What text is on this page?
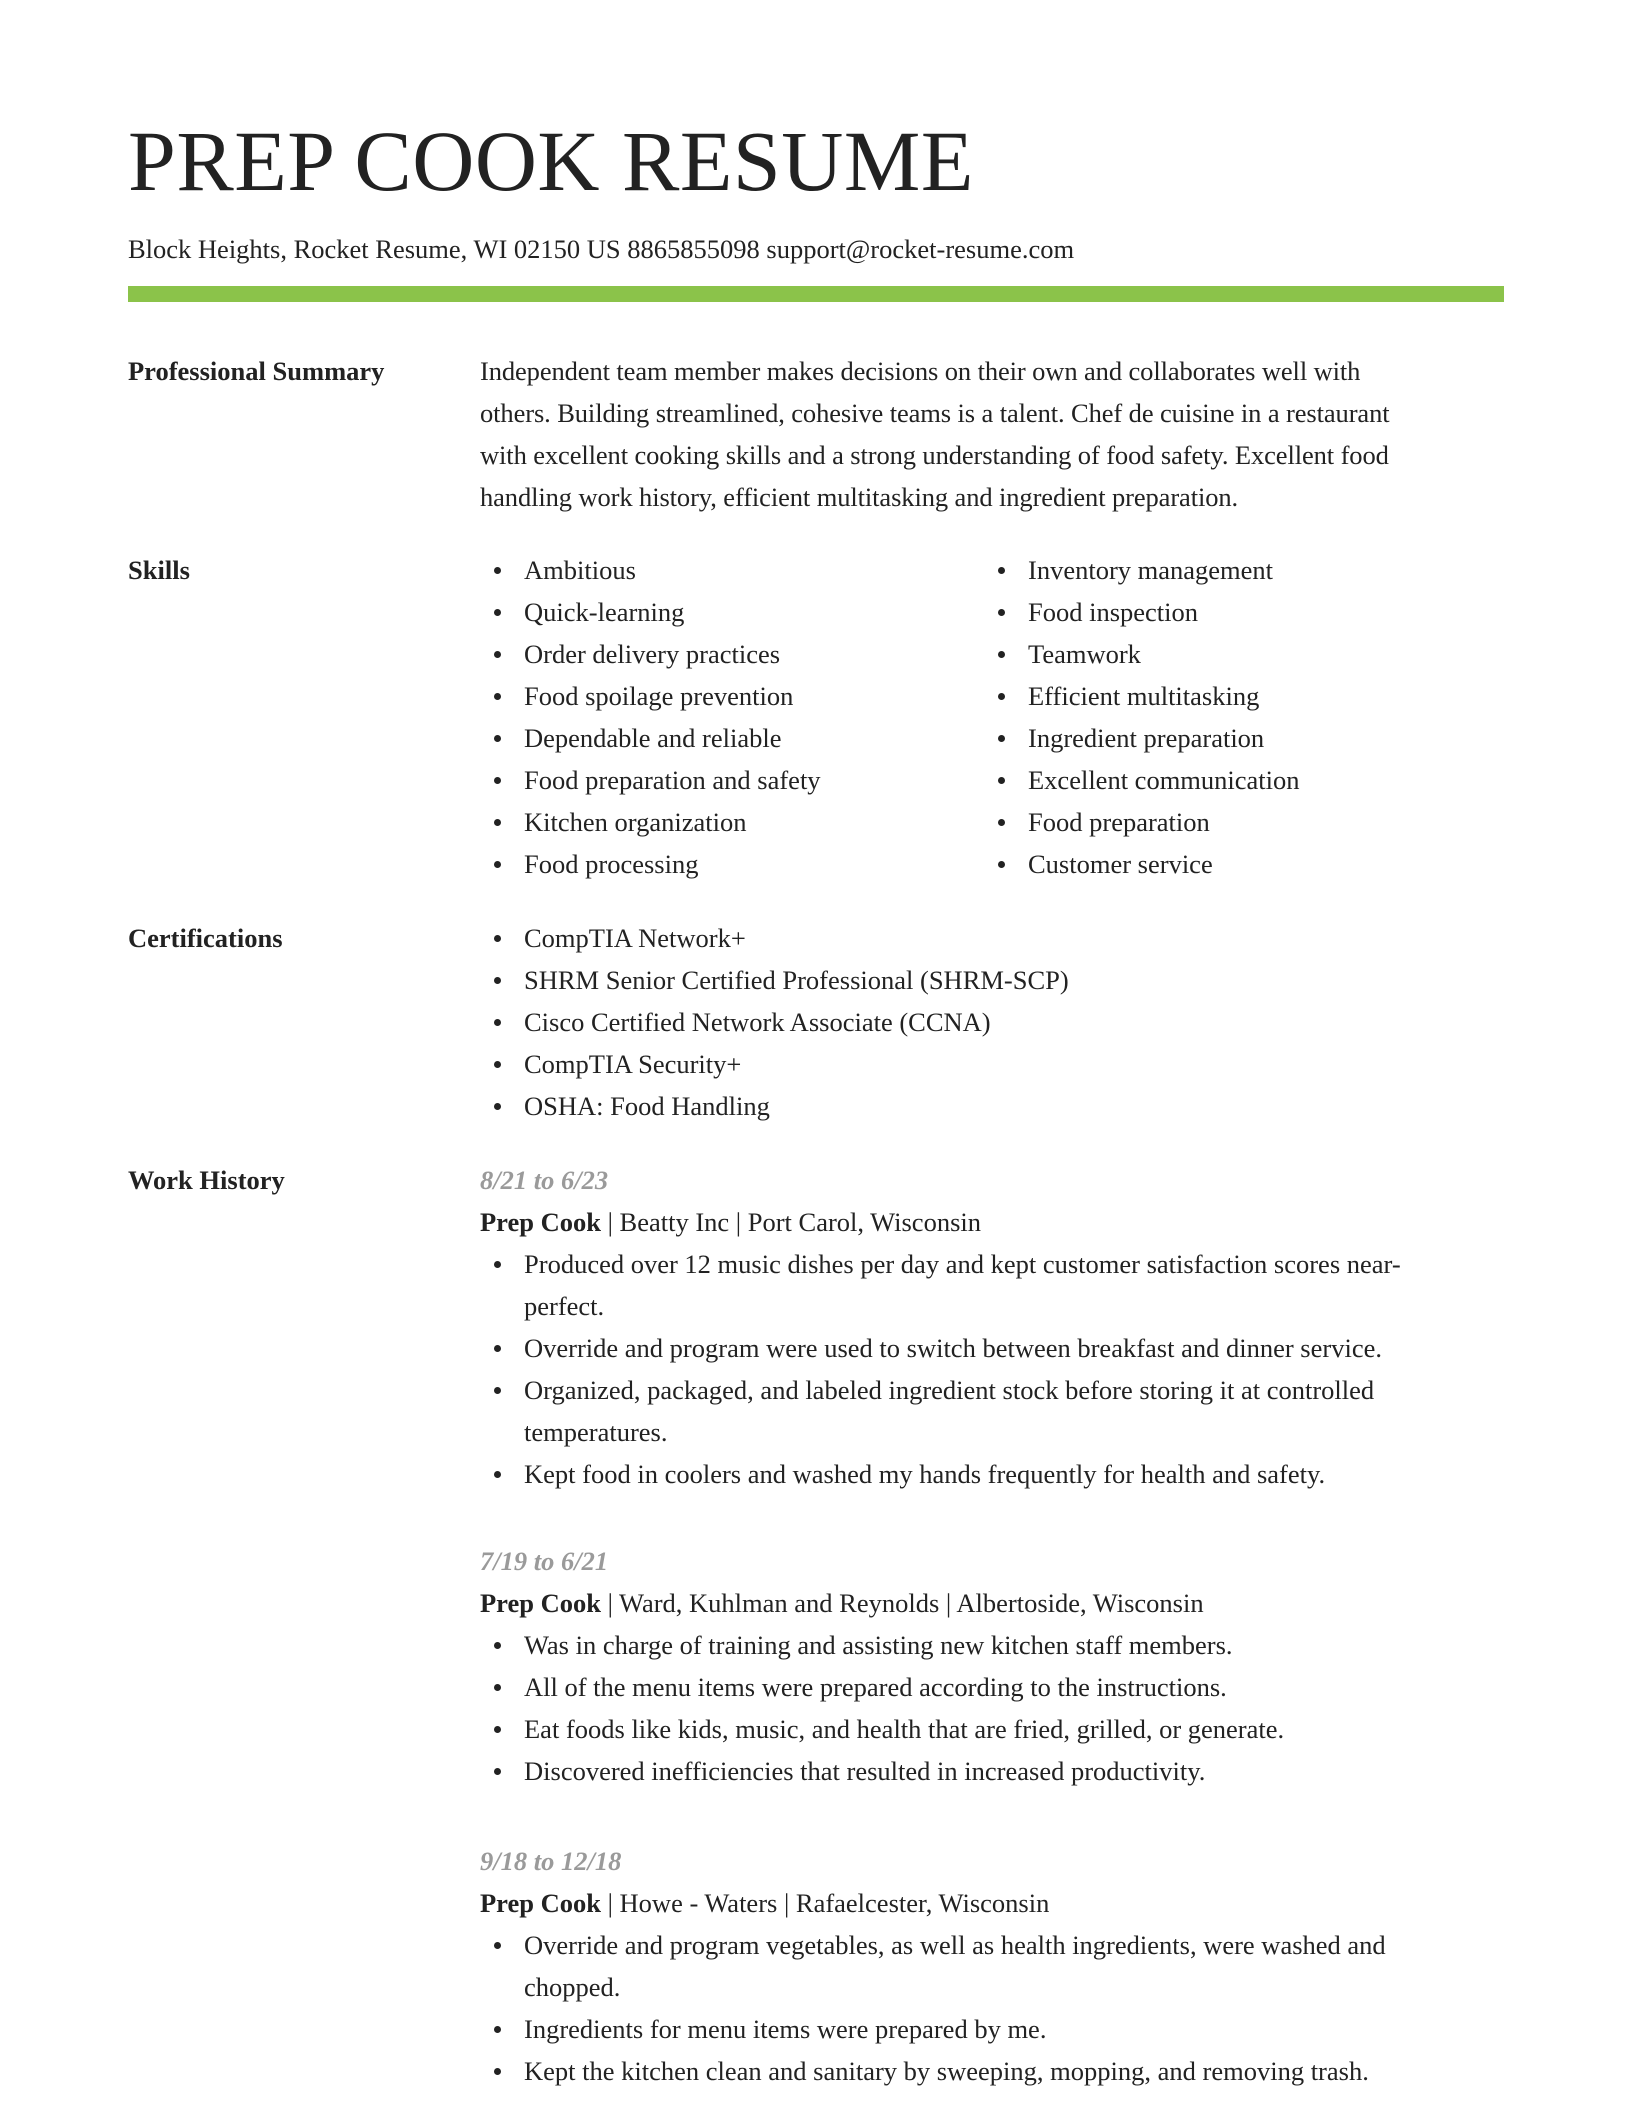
PREP COOK RESUME
Block Heights, Rocket Resume, WI 02150 US 8865855098 support@rocket-resume.com
Professional Summary	Independent team member makes decisions on their own and collaborates well with
others. Building streamlined, cohesive teams is a talent. Chef de cuisine in a restaurant
with excellent cooking skills and a strong understanding of food safety. Excellent food
handling work history, efficient multitasking and ingredient preparation.
Skills	Ambitious
Quick-learning
Order delivery practices
Food spoilage prevention
Dependable and reliable
Food preparation and safety
Kitchen organization
Food processing
Inventory management
Food inspection
Teamwork
Efficient multitasking
Ingredient preparation
Excellent communication
Food preparation
Customer service
Certifications	CompTIA Network+
SHRM Senior Certified Professional (SHRM-SCP)
Cisco Certified Network Associate (CCNA)
CompTIA Security+
OSHA: Food Handling
Work History	8/21 to 6/23
Prep Cook | Beatty Inc | Port Carol, Wisconsin
Produced over 12 music dishes per day and kept customer satisfaction scores near-
perfect.
Override and program were used to switch between breakfast and dinner service.
Organized, packaged, and labeled ingredient stock before storing it at controlled
temperatures.
Kept food in coolers and washed my hands frequently for health and safety.
7/19 to 6/21
Prep Cook | Ward, Kuhlman and Reynolds | Albertoside, Wisconsin
Was in charge of training and assisting new kitchen staff members.
All of the menu items were prepared according to the instructions.
Eat foods like kids, music, and health that are fried, grilled, or generate.
Discovered inefficiencies that resulted in increased productivity.
9/18 to 12/18
Prep Cook | Howe - Waters | Rafaelcester, Wisconsin
Override and program vegetables, as well as health ingredients, were washed and
chopped.
Ingredients for menu items were prepared by me.
Kept the kitchen clean and sanitary by sweeping, mopping, and removing trash.
